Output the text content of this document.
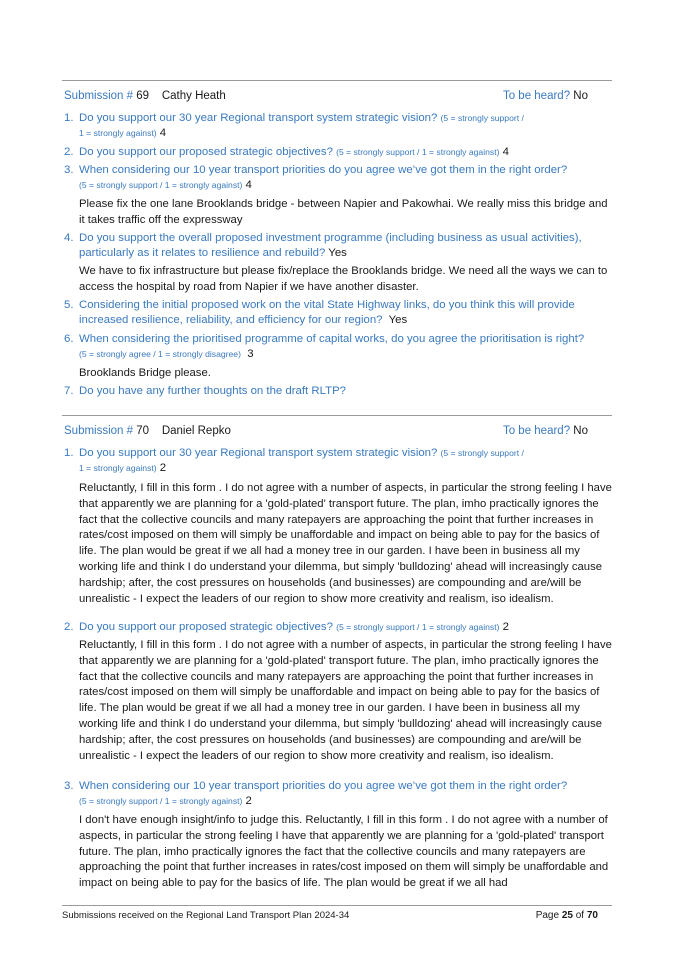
Submission # 69 Cathy Heath	To be heard? No
1. Do you support our 30 year Regional transport system strategic vision? (5 = strongly support /
1 = strongly against) 4
2. Do you support our proposed strategic objectives? (5 = strongly support / 1 = strongly against) 4
3. When considering our 10 year transport priorities do you agree we’ve got them in the right order?
(5 = strongly support / 1 = strongly against) 4
Please fix the one lane Brooklands bridge - between Napier and Pakowhai. We really miss this bridge and it takes traffic off the expressway
4. Do you support the overall proposed investment programme (including business as usual activities), particularly as it relates to resilience and rebuild? Yes
We have to fix infrastructure but please fix/replace the Brooklands bridge. We need all the ways we can to access the hospital by road from Napier if we have another disaster.
5. Considering the initial proposed work on the vital State Highway links, do you think this will provide increased resilience, reliability, and efficiency for our region? Yes
6. When considering the prioritised programme of capital works, do you agree the prioritisation is right?
(5 = strongly agree / 1 = strongly disagree) 3
Brooklands Bridge please.
7. Do you have any further thoughts on the draft RLTP?
Submission # 70 Daniel Repko	To be heard? No
1. Do you support our 30 year Regional transport system strategic vision? (5 = strongly support /
1 = strongly against) 2
Reluctantly, I fill in this form . I do not agree with a number of aspects, in particular the strong feeling I have that apparently we are planning for a 'gold-plated' transport future. The plan, imho practically ignores the fact that the collective councils and many ratepayers are approaching the point that further increases in rates/cost imposed on them will simply be unaffordable and impact on being able to pay for the basics of life. The plan would be great if we all had a money tree in our garden. I have been in business all my working life and think I do understand your dilemma, but simply 'bulldozing' ahead will increasingly cause hardship; after, the cost pressures on households (and businesses) are compounding and are/will be unrealistic - I expect the leaders of our region to show more creativity and realism, iso idealism.
2. Do you support our proposed strategic objectives? (5 = strongly support / 1 = strongly against) 2
Reluctantly, I fill in this form . I do not agree with a number of aspects, in particular the strong feeling I have that apparently we are planning for a 'gold-plated' transport future. The plan, imho practically ignores the fact that the collective councils and many ratepayers are approaching the point that further increases in rates/cost imposed on them will simply be unaffordable and impact on being able to pay for the basics of life. The plan would be great if we all had a money tree in our garden. I have been in business all my working life and think I do understand your dilemma, but simply 'bulldozing' ahead will increasingly cause hardship; after, the cost pressures on households (and businesses) are compounding and are/will be unrealistic - I expect the leaders of our region to show more creativity and realism, iso idealism.
3. When considering our 10 year transport priorities do you agree we’ve got them in the right order?
(5 = strongly support / 1 = strongly against) 2
I don't have enough insight/info to judge this. Reluctantly, I fill in this form . I do not agree with a number of aspects, in particular the strong feeling I have that apparently we are planning for a 'gold-plated' transport future. The plan, imho practically ignores the fact that the collective councils and many ratepayers are approaching the point that further increases in rates/cost imposed on them will simply be unaffordable and impact on being able to pay for the basics of life. The plan would be great if we all had
Submissions received on the Regional Land Transport Plan 2024-34	Page 25 of 70
